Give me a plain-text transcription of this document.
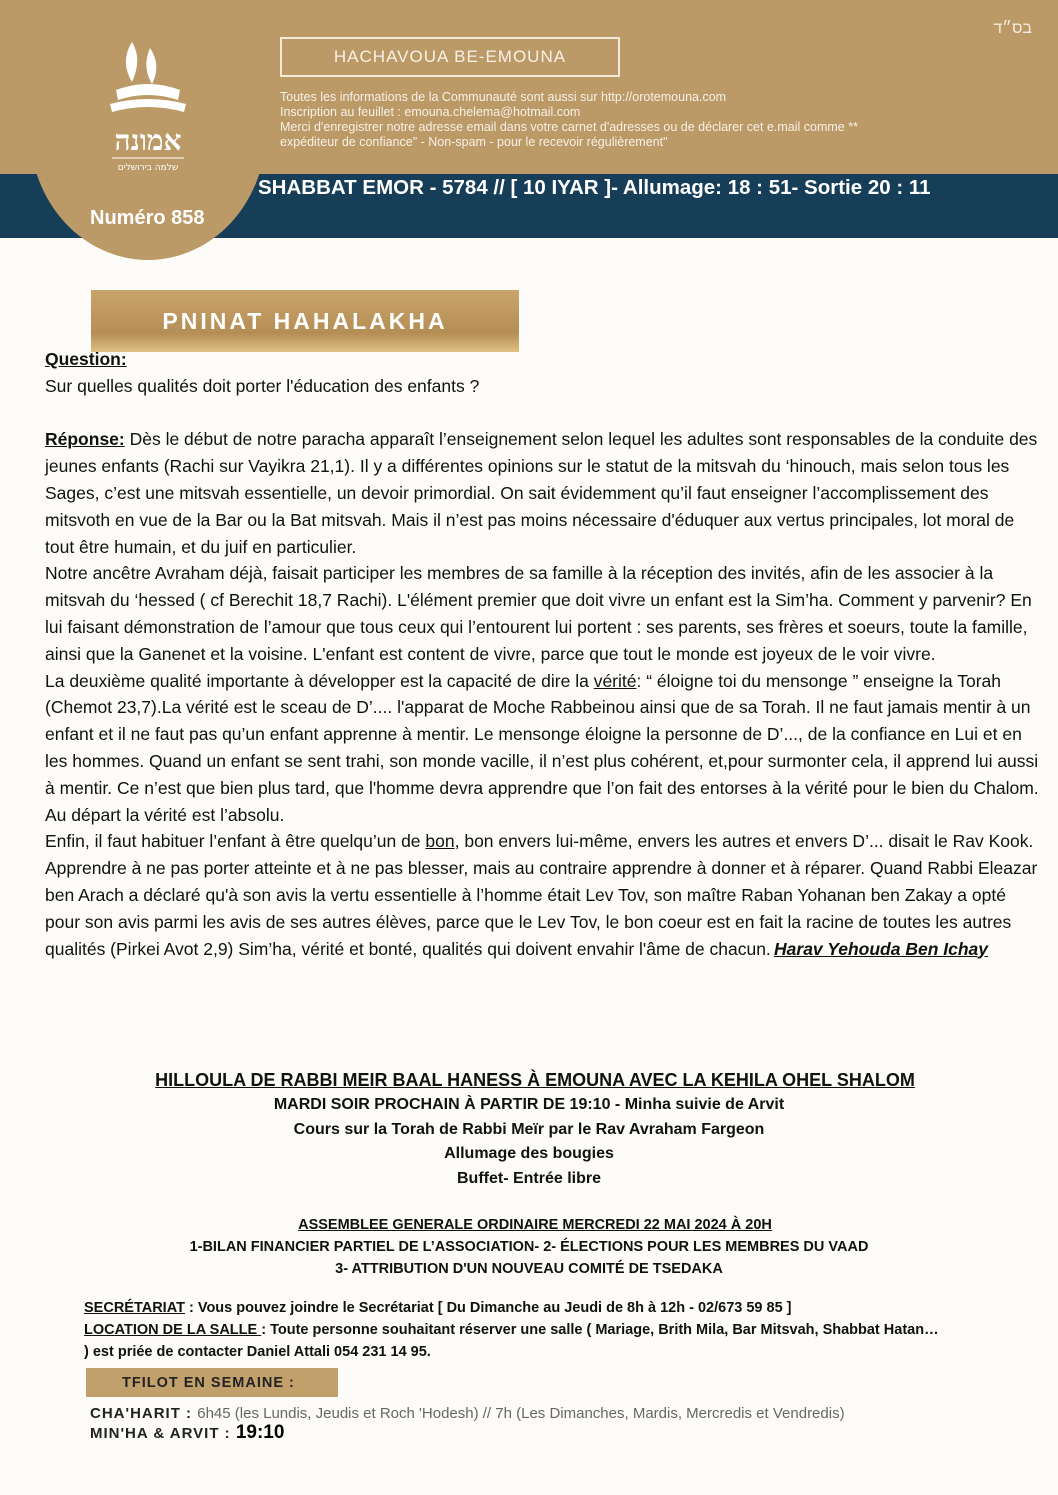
בס״ד
אמונה
שלמה בירושלים
HACHAVOUA BE-EMOUNA
Toutes les informations de la Communauté sont aussi sur http://orotemouna.com
Inscription au feuillet : emouna.chelema@hotmail.com
Merci d'enregistrer notre adresse email dans votre carnet d'adresses ou de déclarer cet e.mail comme **
expéditeur de confiance" - Non-spam - pour le recevoir régulièrement"
Numéro 858
SHABBAT EMOR - 5784 // [ 10 IYAR ]- Allumage: 18 : 51- Sortie 20 : 11
PNINAT HAHALAKHA

Question:

Sur quelles qualités doit porter l'éducation des enfants ?

Réponse: Dès le début de notre paracha apparaît l’enseignement selon lequel les adultes sont responsables de la conduite des jeunes enfants (Rachi sur Vayikra 21,1). Il y a différentes opinions sur le statut de la mitsvah du ‘hinouch, mais selon tous les Sages, c’est une mitsvah essentielle, un devoir primordial. On sait évidemment qu’il faut enseigner l’accomplissement des mitsvoth en vue de la Bar ou la Bat mitsvah. Mais il n’est pas moins nécessaire d'éduquer aux vertus principales, lot moral de tout être humain, et du juif en particulier.

Notre ancêtre Avraham déjà, faisait participer les membres de sa famille à la réception des invités, afin de les associer à la mitsvah du ‘hessed ( cf Berechit 18,7 Rachi). L'élément premier que doit vivre un enfant est la Sim’ha. Comment y parvenir? En lui faisant démonstration de l’amour que tous ceux qui l’entourent lui portent : ses parents, ses frères et soeurs, toute la famille, ainsi que la Ganenet et la voisine. L'enfant est content de vivre, parce que tout le monde est joyeux de le voir vivre.

La deuxième qualité importante à développer est la capacité de dire la vérité: “ éloigne toi du mensonge ” enseigne la Torah (Chemot 23,7).La vérité est le sceau de D’.... l'apparat de Moche Rabbeinou ainsi que de sa Torah. Il ne faut jamais mentir à un enfant et il ne faut pas qu’un enfant apprenne à mentir. Le mensonge éloigne la personne de D’..., de la confiance en Lui et en les hommes. Quand un enfant se sent trahi, son monde vacille, il n’est plus cohérent, et,pour surmonter cela, il apprend lui aussi à mentir. Ce n’est que bien plus tard, que l'homme devra apprendre que l’on fait des entorses à la vérité pour le bien du Chalom. Au départ la vérité est l’absolu.

Enfin, il faut habituer l’enfant à être quelqu’un de bon, bon envers lui-même, envers les autres et envers D’... disait le Rav Kook. Apprendre à ne pas porter atteinte et à ne pas blesser, mais au contraire apprendre à donner et à réparer. Quand Rabbi Eleazar ben Arach a déclaré qu'à son avis la vertu essentielle à l’homme était Lev Tov, son maître Raban Yohanan ben Zakay a opté pour son avis parmi les avis de ses autres élèves, parce que le Lev Tov, le bon coeur est en fait la racine de toutes les autres qualités (Pirkei Avot 2,9) Sim’ha, vérité et bonté, qualités qui doivent envahir l'âme de chacun. Harav Yehouda Ben Ichay

HILLOULA DE RABBI MEIR BAAL HANESS À EMOUNA AVEC LA KEHILA OHEL SHALOM
MARDI SOIR PROCHAIN À PARTIR DE 19:10 - Minha suivie de Arvit
Cours sur la Torah de Rabbi Meïr par le Rav Avraham Fargeon
Allumage des bougies
Buffet- Entrée libre
ASSEMBLEE GENERALE ORDINAIRE MERCREDI 22 MAI 2024 À 20H
1-BILAN FINANCIER PARTIEL DE L’ASSOCIATION- 2- ÉLECTIONS POUR LES MEMBRES DU VAAD
3- ATTRIBUTION D'UN NOUVEAU COMITÉ DE TSEDAKA
SECRÉTARIAT : Vous pouvez joindre le Secrétariat [ Du Dimanche au Jeudi de 8h à 12h - 02/673 59 85 ]
LOCATION DE LA SALLE : Toute personne souhaitant réserver une salle ( Mariage, Brith Mila, Bar Mitsvah, Shabbat Hatan… ) est priée de contacter Daniel Attali 054 231 14 95.
TFILOT EN SEMAINE :
CHA'HARIT : 6h45 (les Lundis, Jeudis et Roch 'Hodesh) // 7h (Les Dimanches, Mardis, Mercredis et Vendredis)
MIN'HA & ARVIT : 19:10
